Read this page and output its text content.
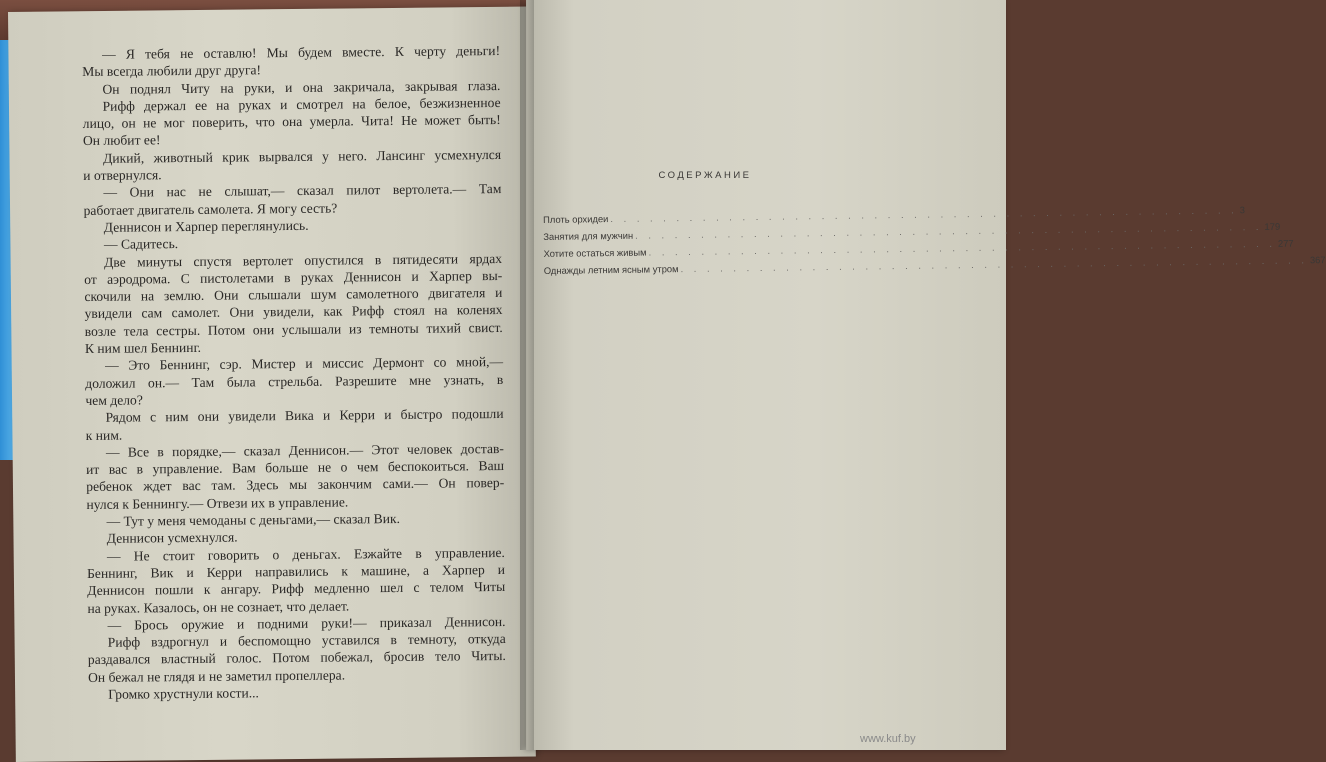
— Я тебя не оставлю! Мы будем вместе. К черту деньги!
Мы всегда любили друг друга!
Он поднял Читу на руки, и она закричала, закрывая глаза.
Рифф держал ее на руках и смотрел на белое, безжизненное
лицо, он не мог поверить, что она умерла. Чита! Не может быть!
Он любит ее!
Дикий, животный крик вырвался у него. Лансинг усмехнулся
и отвернулся.
— Они нас не слышат,— сказал пилот вертолета.— Там
работает двигатель самолета. Я могу сесть?
Деннисон и Харпер переглянулись.
— Садитесь.
Две минуты спустя вертолет опустился в пятидесяти ярдах
от аэродрома. С пистолетами в руках Деннисон и Харпер вы-
скочили на землю. Они слышали шум самолетного двигателя и
увидели сам самолет. Они увидели, как Рифф стоял на коленях
возле тела сестры. Потом они услышали из темноты тихий свист.
К ним шел Беннинг.
— Это Беннинг, сэр. Мистер и миссис Дермонт со мной,—
доложил он.— Там была стрельба. Разрешите мне узнать, в
чем дело?
Рядом с ним они увидели Вика и Керри и быстро подошли
к ним.
— Все в порядке,— сказал Деннисон.— Этот человек достав-
ит вас в управление. Вам больше не о чем беспокоиться. Ваш
ребенок ждет вас там. Здесь мы закончим сами.— Он повер-
нулся к Беннингу.— Отвези их в управление.
— Тут у меня чемоданы с деньгами,— сказал Вик.
Деннисон усмехнулся.
— Не стоит говорить о деньгах. Езжайте в управление.
Беннинг, Вик и Керри направились к машине, а Харпер и
Деннисон пошли к ангару. Рифф медленно шел с телом Читы
на руках. Казалось, он не сознает, что делает.
— Брось оружие и подними руки!— приказал Деннисон.
Рифф вздрогнул и беспомощно уставился в темноту, откуда
раздавался властный голос. Потом побежал, бросив тело Читы.
Он бежал не глядя и не заметил пропеллера.
Громко хрустнули кости...
СОДЕРЖАНИЕ
Плоть орхидеи . . . . . . . . . . . . . . . . . . . . . . . . . . . . . . . . . . . . . . . . . . . . . . . . 3
Занятия для мужчин . . . . . . . . . . . . . . . . . . . . . . . . . . . . . . . . . . . . . . . . . . . . . . . . 179
Хотите остаться живым . . . . . . . . . . . . . . . . . . . . . . . . . . . . . . . . . . . . . . . . . . . . . . . . 277
Однажды летним ясным утром . . . . . . . . . . . . . . . . . . . . . . . . . . . . . . . . . . . . . . . . . . . . . . . . 367
www.kuf.by
